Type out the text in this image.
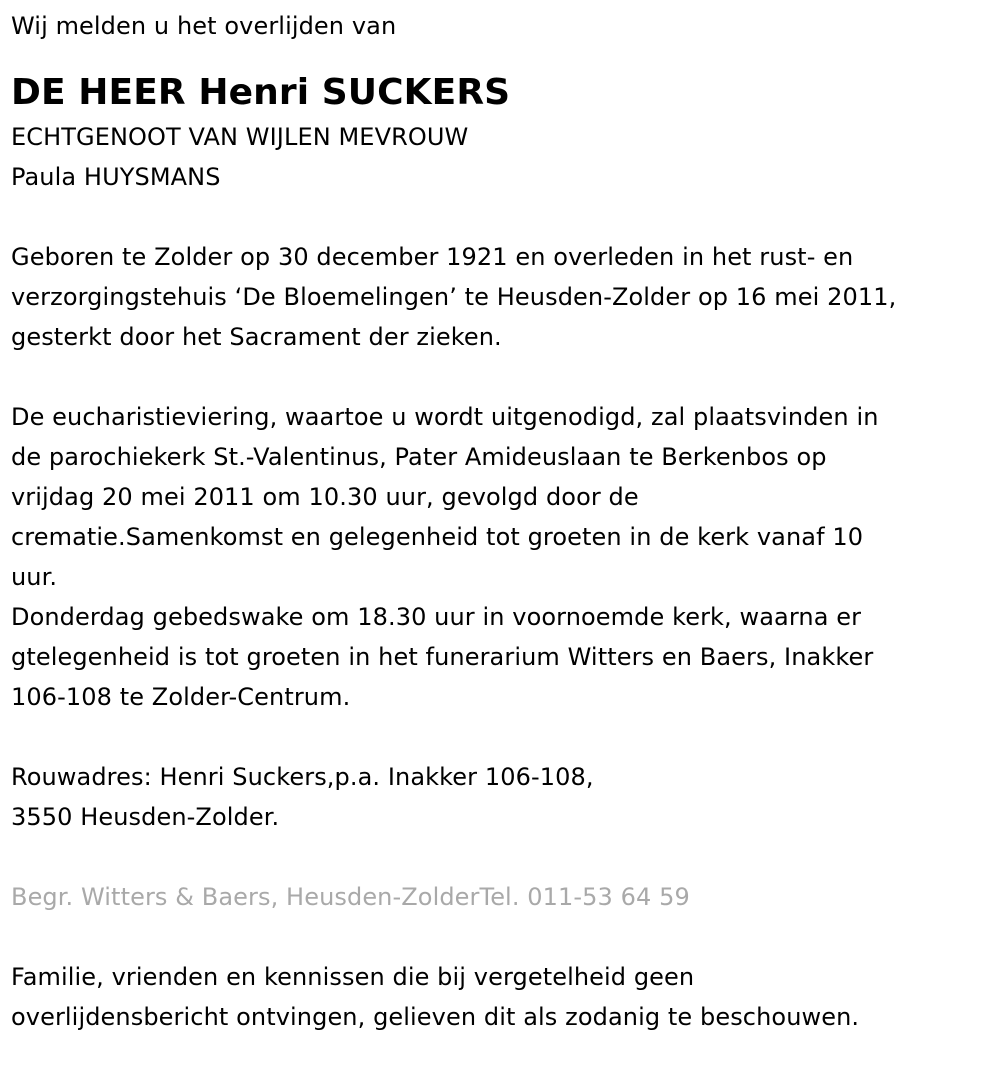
Wij melden u het overlijden van
DE HEER Henri SUCKERS
ECHTGENOOT VAN WIJLEN MEVROUW
Paula HUYSMANS
Geboren te Zolder op 30 december 1921 en overleden in het rust- en
verzorgingstehuis ‘De Bloemelingen’ te Heusden-Zolder op 16 mei 2011,
gesterkt door het Sacrament der zieken.
De eucharistieviering, waartoe u wordt uitgenodigd, zal plaatsvinden in
de parochiekerk St.-Valentinus, Pater Amideuslaan te Berkenbos op
vrijdag 20 mei 2011 om 10.30 uur, gevolgd door de
crematie.Samenkomst en gelegenheid tot groeten in de kerk vanaf 10
uur.
Donderdag gebedswake om 18.30 uur in voornoemde kerk, waarna er
gtelegenheid is tot groeten in het funerarium Witters en Baers, Inakker
106-108 te Zolder-Centrum.
Rouwadres: Henri Suckers,p.a. Inakker 106-108,
3550 Heusden-Zolder.
Begr. Witters & Baers, Heusden-ZolderTel. 011-53 64 59
Familie, vrienden en kennissen die bij vergetelheid geen
overlijdensbericht ontvingen, gelieven dit als zodanig te beschouwen.
